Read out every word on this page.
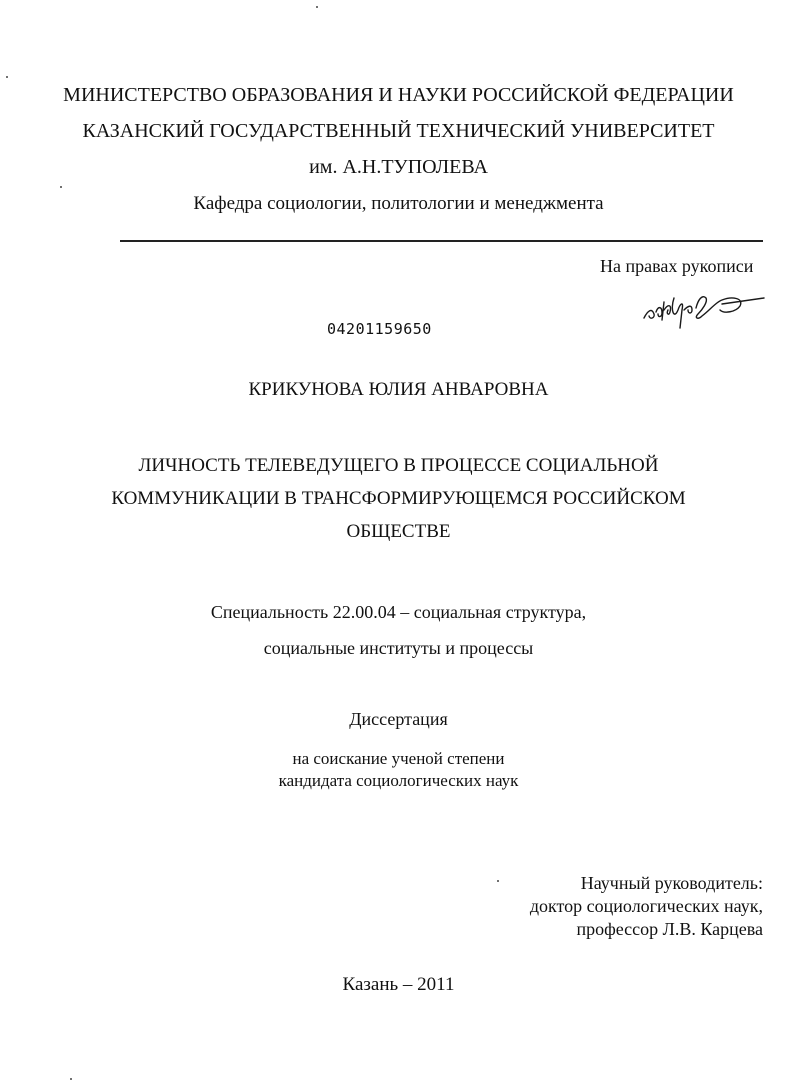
МИНИСТЕРСТВО ОБРАЗОВАНИЯ И НАУКИ РОССИЙСКОЙ ФЕДЕРАЦИИ
КАЗАНСКИЙ ГОСУДАРСТВЕННЫЙ ТЕХНИЧЕСКИЙ УНИВЕРСИТЕТ
им. А.Н.ТУПОЛЕВА
Кафедра социологии, политологии и менеджмента
На правах рукописи
04201159650
КРИКУНОВА ЮЛИЯ АНВАРОВНА
ЛИЧНОСТЬ ТЕЛЕВЕДУЩЕГО В ПРОЦЕССЕ СОЦИАЛЬНОЙ
КОММУНИКАЦИИ В ТРАНСФОРМИРУЮЩЕМСЯ РОССИЙСКОМ
ОБЩЕСТВЕ
Специальность 22.00.04 – социальная структура,
социальные институты и процессы
Диссертация
на соискание ученой степени
кандидата социологических наук
Научный руководитель:
доктор социологических наук,
профессор Л.В. Карцева
Казань – 2011
